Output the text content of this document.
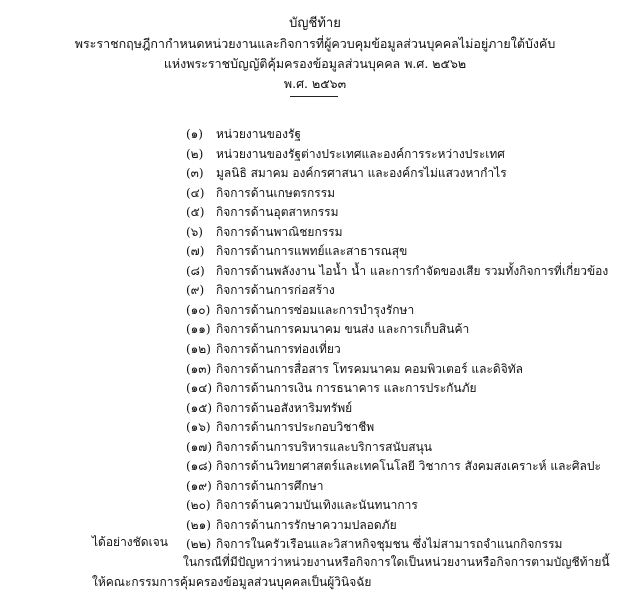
บัญชีท้าย
พระราชกฤษฎีกากำหนดหน่วยงานและกิจการที่ผู้ควบคุมข้อมูลส่วนบุคคลไม่อยู่ภายใต้บังคับ
แห่งพระราชบัญญัติคุ้มครองข้อมูลส่วนบุคคล พ.ศ. ๒๕๖๒
พ.ศ. ๒๕๖๓
(๑)	หน่วยงานของรัฐ
(๒)	หน่วยงานของรัฐต่างประเทศและองค์การระหว่างประเทศ
(๓)	มูลนิธิ สมาคม องค์กรศาสนา และองค์กรไม่แสวงหากำไร
(๔) กิจการด้านเกษตรกรรม
(๕) กิจการด้านอุตสาหกรรม
(๖)	กิจการด้านพาณิชยกรรม
(๗) กิจการด้านการแพทย์และสาธารณสุข
(๘) กิจการด้านพลังงาน ไอน้ำ น้ำ และการกำจัดของเสีย รวมทั้งกิจการที่เกี่ยวข้อง
(๙) กิจการด้านการก่อสร้าง
(๑๐) กิจการด้านการซ่อมและการบำรุงรักษา
(๑๑) กิจการด้านการคมนาคม ขนส่ง และการเก็บสินค้า
(๑๒) กิจการด้านการท่องเที่ยว
(๑๓) กิจการด้านการสื่อสาร โทรคมนาคม คอมพิวเตอร์ และดิจิทัล
(๑๔) กิจการด้านการเงิน การธนาคาร และการประกันภัย
(๑๕) กิจการด้านอสังหาริมทรัพย์
(๑๖) กิจการด้านการประกอบวิชาชีพ
(๑๗) กิจการด้านการบริหารและบริการสนับสนุน
(๑๘) กิจการด้านวิทยาศาสตร์และเทคโนโลยี วิชาการ สังคมสงเคราะห์ และศิลปะ
(๑๙) กิจการด้านการศึกษา
(๒๐) กิจการด้านความบันเทิงและนันทนาการ
(๒๑) กิจการด้านการรักษาความปลอดภัย
(๒๒) กิจการในครัวเรือนและวิสาหกิจชุมชน ซึ่งไม่สามารถจำแนกกิจกรรม
ได้อย่างชัดเจน
ในกรณีที่มีปัญหาว่าหน่วยงานหรือกิจการใดเป็นหน่วยงานหรือกิจการตามบัญชีท้ายนี้
ให้คณะกรรมการคุ้มครองข้อมูลส่วนบุคคลเป็นผู้วินิจฉัย
